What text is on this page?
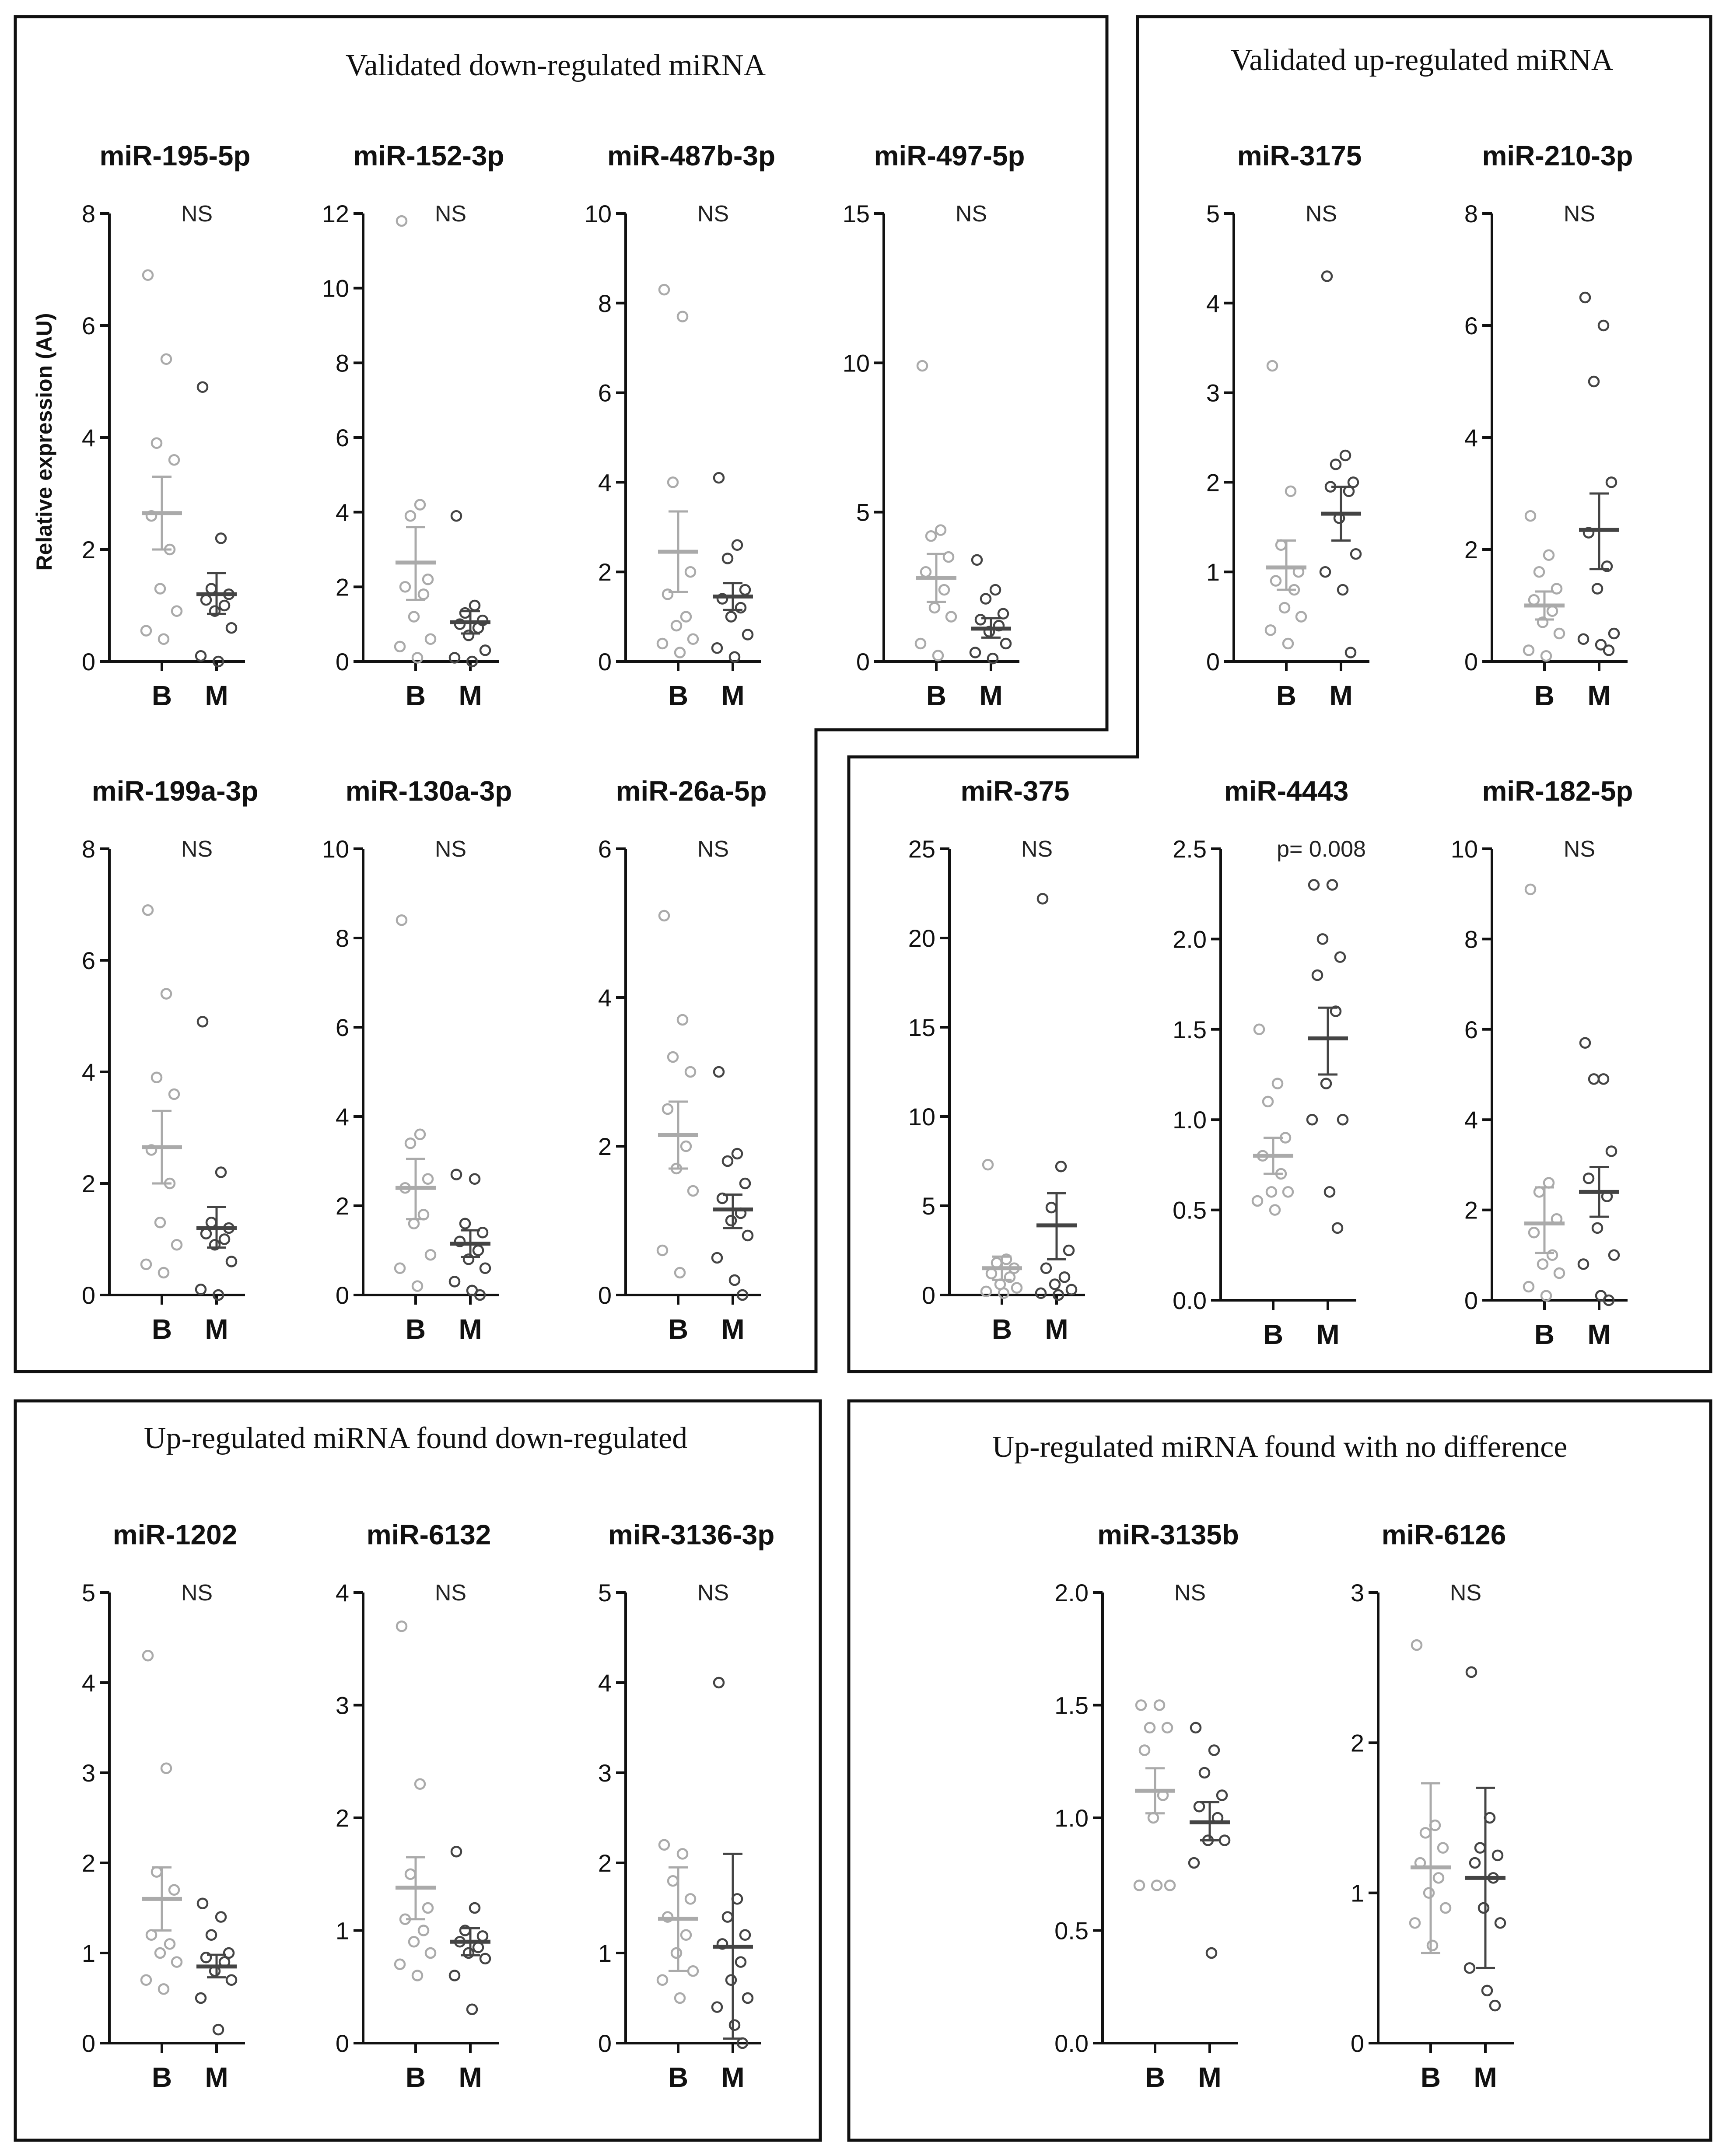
Validated down-regulated miRNA	Validated up-regulated miRNA
Up-regulated miRNA found down-regulated	Up-regulated miRNA found with no difference
Relative expression (AU)
miR-195-5p
NS
0
2
4
6
8
B M
miR-152-3p
NS
0
2
4
6
8
10
12
B M
miR-487b-3p
NS
0
2
4
6
8
10
B M
miR-497-5p
NS
0
5
10
15
B M
miR-3175
NS
0
1
2
3
4
5
B M
miR-210-3p
NS
0
2
4
6
8
B M
miR-199a-3p
NS
0
2
4
6
8
B M
miR-130a-3p
NS
0
2
4
6
8
10
B M
miR-26a-5p
NS
0
2
4
6
B M
miR-375
NS
0
5
10
15
20
25
B M
miR-4443
p= 0.008
0.0
0.5
1.0
1.5
2.0
2.5
B M
miR-182-5p
NS
0
2
4
6
8
10
B M
miR-1202
NS
0
1
2
3
4
5
B M
miR-6132
NS
0
1
2
3
4
B M
miR-3136-3p
NS
0
1
2
3
4
5
B M
miR-3135b
NS
0.0
0.5
1.0
1.5
2.0
B M
miR-6126
NS
0
1
2
3
B M
